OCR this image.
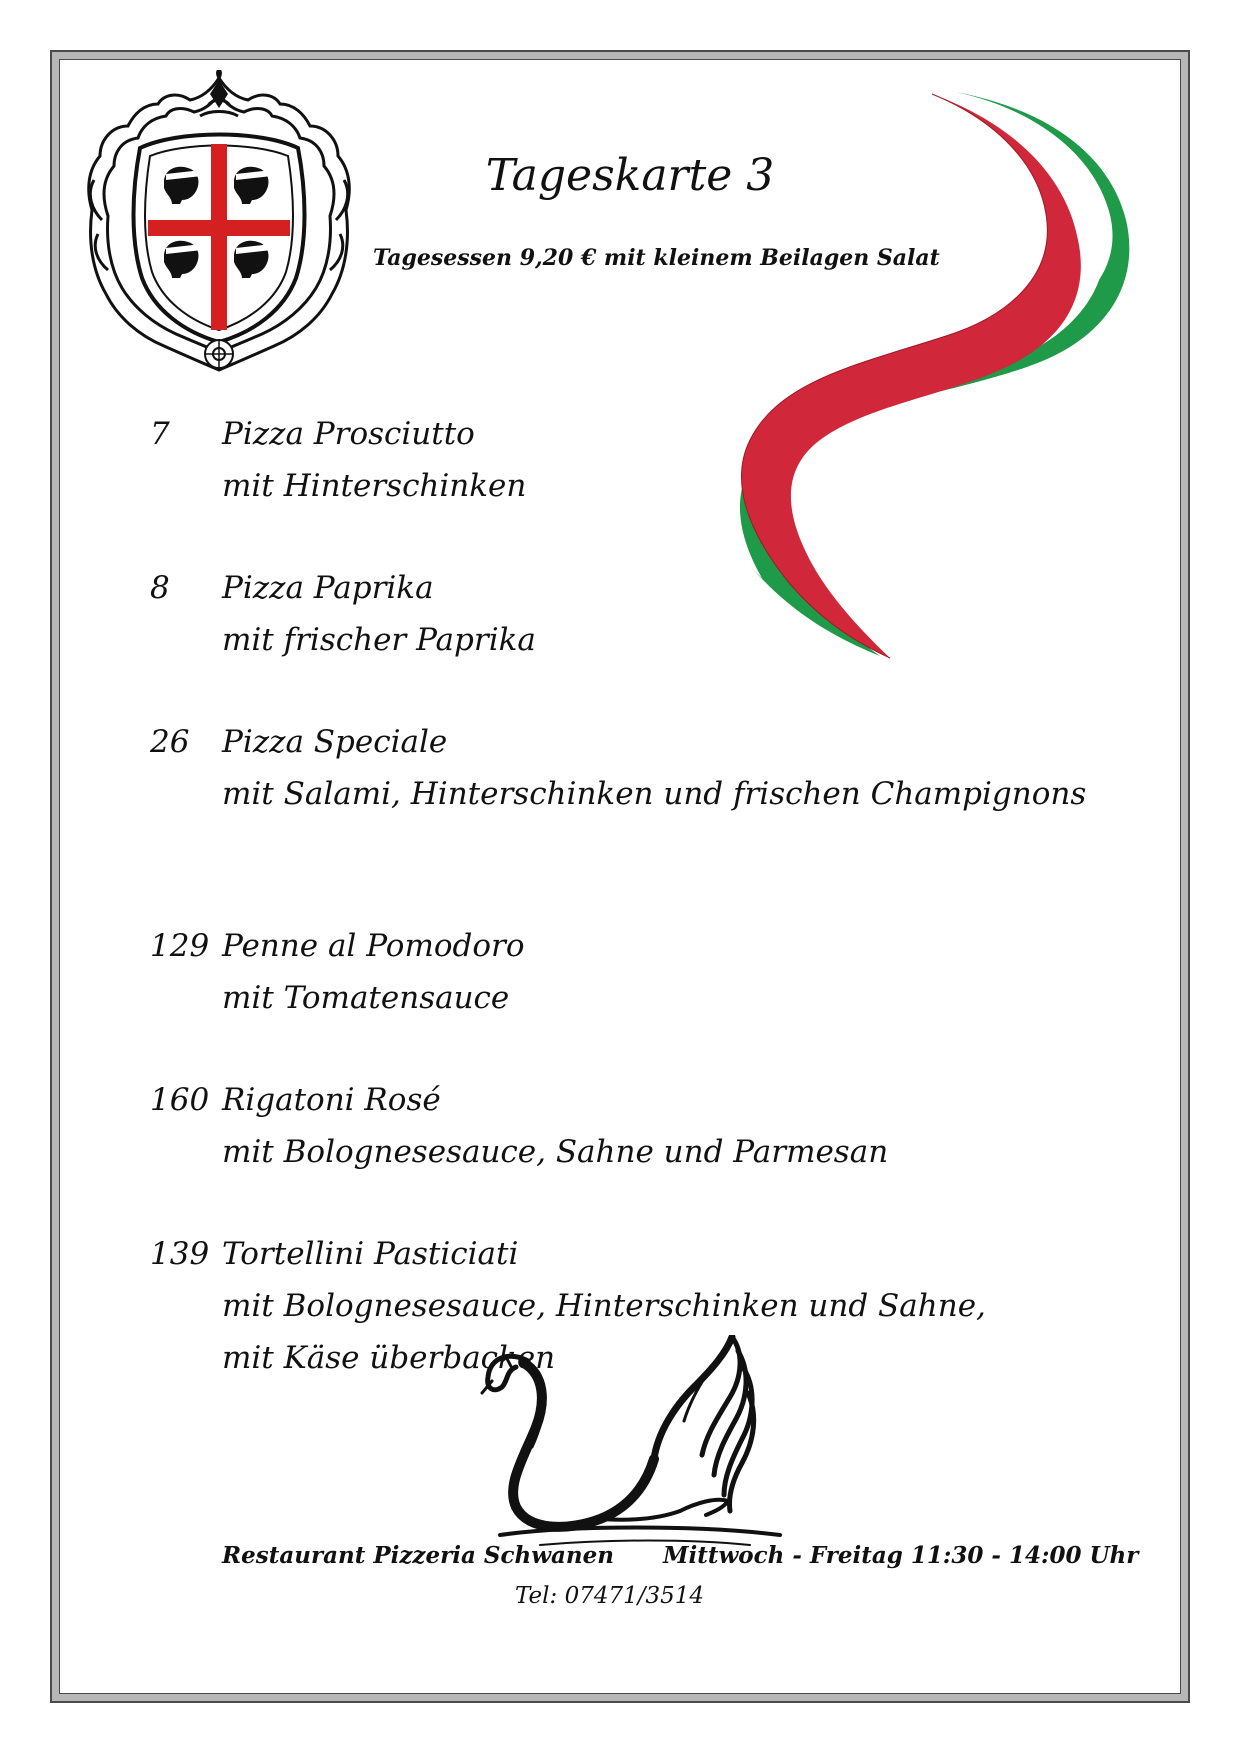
Tageskarte 3
Tagesessen 9,20 € mit kleinem Beilagen Salat
7 Pizza Prosciutto
mit Hinterschinken
8 Pizza Paprika
mit frischer Paprika
26 Pizza Speciale
mit Salami, Hinterschinken und frischen Champignons
129 Penne al Pomodoro
mit Tomatensauce
160 Rigatoni Rosé
mit Bolognesesauce, Sahne und Parmesan
139 Tortellini Pasticiati
mit Bolognesesauce, Hinterschinken und Sahne,
mit Käse überbacken
Restaurant Pizzeria Schwanen Mittwoch - Freitag 11:30 - 14:00 Uhr
Tel: 07471/3514
